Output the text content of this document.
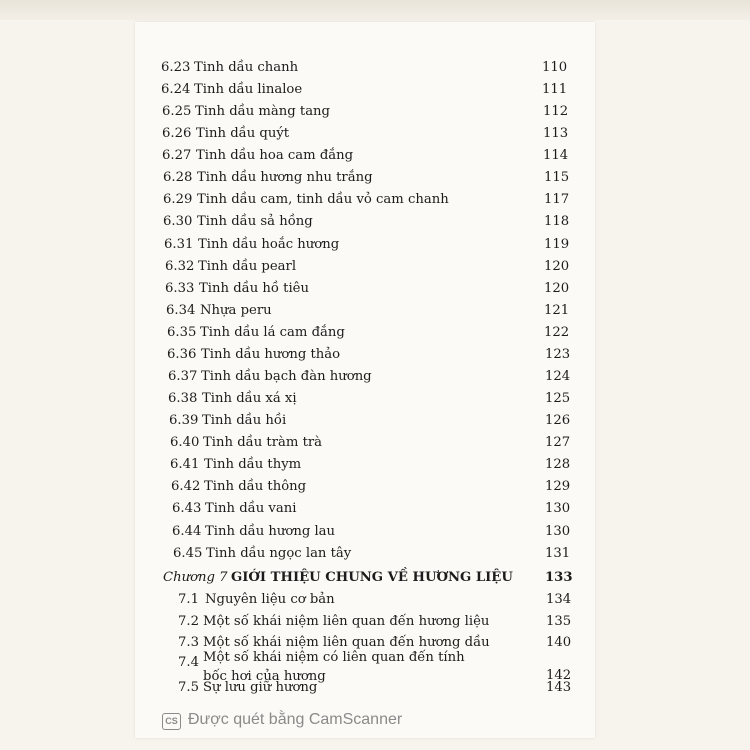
6.23 Tinh dầu chanh	110
6.24 Tinh dầu linaloe	111
6.25 Tinh dầu màng tang	112
6.26 Tinh dầu quýt	113
6.27 Tinh dầu hoa cam đắng	114
6.28 Tinh dầu hương nhu trắng	115
6.29 Tinh dầu cam, tinh dầu vỏ cam chanh	117
6.30 Tinh dầu sả hồng	118
6.31 Tinh dầu hoắc hương	119
6.32 Tinh dầu pearl	120
6.33 Tinh dầu hồ tiêu	120
6.34 Nhựa peru	121
6.35 Tinh dầu lá cam đắng	122
6.36 Tinh dầu hương thảo	123
6.37 Tinh dầu bạch đàn hương	124
6.38 Tinh dầu xá xị	125
6.39 Tinh dầu hồi	126
6.40 Tinh dầu tràm trà	127
6.41 Tinh dầu thym	128
6.42 Tinh dầu thông	129
6.43 Tinh dầu vani	130
6.44 Tinh dầu hương lau	130
6.45 Tinh dầu ngọc lan tây	131
Chương 7 GIỚI THIỆU CHUNG VỀ HƯƠNG LIỆU 133
7.1 Nguyên liệu cơ bản	134
7.2 Một số khái niệm liên quan đến hương liệu	135
7.3 Một số khái niệm liên quan đến hương dầu	140
7.4 Một số khái niệm có liên quan đến tính
bốc hơi của hương	142
7.5 Sự lưu giữ hương	143
CS Được quét bằng CamScanner
